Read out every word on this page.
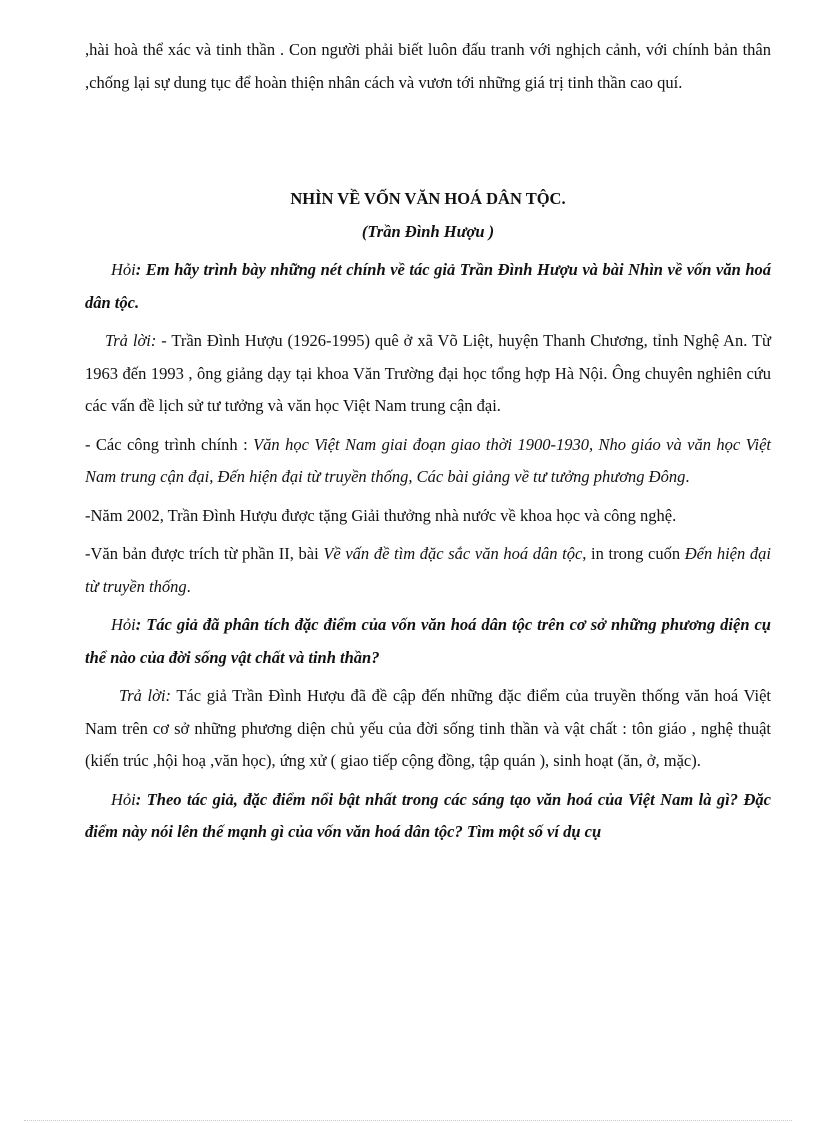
,hài hoà thể xác và tinh thần . Con người phải biết luôn đấu tranh với nghịch cảnh, với chính bản thân ,chống lại sự dung tục để hoàn thiện nhân cách và vươn tới những giá trị tinh thần cao quí.

NHÌN VỀ VỐN VĂN HOÁ DÂN TỘC.

(Trần Đình Hượu )

Hỏi: Em hãy trình bày những nét chính về tác giả Trần Đình Hượu và bài Nhìn về vốn văn hoá dân tộc.

Trả lời: - Trần Đình Hượu (1926-1995) quê ở xã Võ Liệt, huyện Thanh Chương, tỉnh Nghệ An. Từ 1963 đến 1993 , ông giảng dạy tại khoa Văn Trường đại học tổng hợp Hà Nội. Ông chuyên nghiên cứu các vấn đề lịch sử tư tưởng và văn học Việt Nam trung cận đại.

- Các công trình chính : Văn học Việt Nam giai đoạn giao thời 1900-1930, Nho giáo và văn học Việt Nam trung cận đại, Đến hiện đại từ truyền thống, Các bài giảng về tư tưởng phương Đông.

-Năm 2002, Trần Đình Hượu được tặng Giải thưởng nhà nước về khoa học và công nghệ.

-Văn bản được trích từ phần II, bài Về vấn đề tìm đặc sắc văn hoá dân tộc, in trong cuốn Đến hiện đại từ truyền thống.

Hỏi: Tác giả đã phân tích đặc điểm của vốn văn hoá dân tộc trên cơ sở những phương diện cụ thể nào của đời sống vật chất và tinh thần?

Trả lời: Tác giả Trần Đình Hượu đã đề cập đến những đặc điểm của truyền thống văn hoá Việt Nam trên cơ sở những phương diện chủ yếu của đời sống tinh thần và vật chất : tôn giáo , nghệ thuật (kiến trúc ,hội hoạ ,văn học), ứng xử ( giao tiếp cộng đồng, tập quán ), sinh hoạt (ăn, ở, mặc).

Hỏi: Theo tác giả, đặc điểm nổi bật nhất trong các sáng tạo văn hoá của Việt Nam là gì? Đặc điểm này nói lên thế mạnh gì của vốn văn hoá dân tộc? Tìm một số ví dụ cụ
